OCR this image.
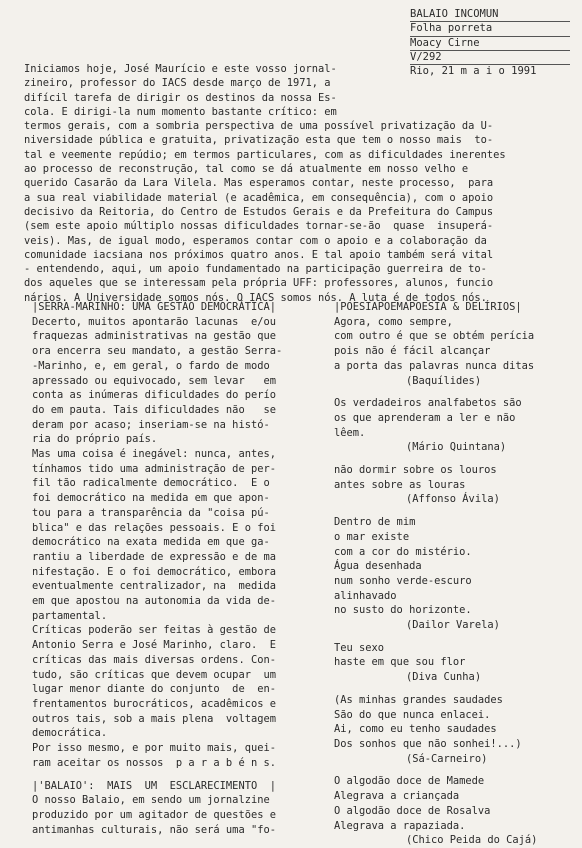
BALAIO INCOMUN
Folha porreta
Moacy Cirne
V/292
Rio, 21 m a i o 1991
Iniciamos hoje, José Maurício e este vosso jornal-
zineiro, professor do IACS desde março de 1971, a
difícil tarefa de dirigir os destinos da nossa Es-
cola. E dirigi-la num momento bastante crítico: em
termos gerais, com a sombria perspectiva de uma possível privatização da U-
niversidade pública e gratuita, privatização esta que tem o nosso mais  to-
tal e veemente repúdio; em termos particulares, com as dificuldades inerentes
ao processo de reconstrução, tal como se dá atualmente em nosso velho e
querido Casarão da Lara Vilela. Mas esperamos contar, neste processo,  para
a sua real viabilidade material (e acadêmica, em consequência), com o apoio
decisivo da Reitoria, do Centro de Estudos Gerais e da Prefeitura do Campus
(sem este apoio múltiplo nossas dificuldades tornar-se-ão  quase  insuperá-
veis). Mas, de igual modo, esperamos contar com o apoio e a colaboração da
comunidade iacsiana nos próximos quatro anos. E tal apoio também será vital
- entendendo, aqui, um apoio fundamentado na participação guerreira de to-
dos aqueles que se interessam pela própria UFF: professores, alunos, funcio
nários. A Universidade somos nós. O IACS somos nós. A luta é de todos nós.
|SERRA-MARINHO: UMA GESTÃO DEMOCRÁTICA|
Decerto, muitos apontarão lacunas  e/ou
fraquezas administrativas na gestão que
ora encerra seu mandato, a gestão Serra-
-Marinho, e, em geral, o fardo de modo
apressado ou equivocado, sem levar   em
conta as inúmeras dificuldades do perío
do em pauta. Tais dificuldades não   se
deram por acaso; inseriam-se na histó-
ria do próprio país.
Mas uma coisa é inegável: nunca, antes,
tínhamos tido uma administração de per-
fil tão radicalmente democrático.  E o
foi democrático na medida em que apon-
tou para a transparência da "coisa pú-
blica" e das relações pessoais. E o foi
democrático na exata medida em que ga-
rantiu a liberdade de expressão e de ma
nifestação. E o foi democrático, embora
eventualmente centralizador, na  medida
em que apostou na autonomia da vida de-
partamental.
Críticas poderão ser feitas à gestão de
Antonio Serra e José Marinho, claro.  E
críticas das mais diversas ordens. Con-
tudo, são críticas que devem ocupar  um
lugar menor diante do conjunto  de  en-
frentamentos burocráticos, acadêmicos e
outros tais, sob a mais plena  voltagem
democrática.
Por isso mesmo, e por muito mais, quei-
ram aceitar os nossos  p a r a b é n s.
|'BALAIO':  MAIS  UM  ESCLARECIMENTO  |
O nosso Balaio, em sendo um jornalzine
produzido por um agitador de questões e
antimanhas culturais, não será uma "fo-
|POESIAPOEMAPOESIA & DELÍRIOS|
Agora, como sempre,
com outro é que se obtém perícia
pois não é fácil alcançar
a porta das palavras nunca ditas
(Baquílides)
Os verdadeiros analfabetos são
os que aprenderam a ler e não
lêem.
(Mário Quintana)
não dormir sobre os louros
antes sobre as louras
(Affonso Ávila)
Dentro de mim
o mar existe
com a cor do mistério.
Água desenhada
num sonho verde-escuro
alinhavado
no susto do horizonte.
(Dailor Varela)
Teu sexo
haste em que sou flor
(Diva Cunha)
(As minhas grandes saudades
São do que nunca enlacei.
Ai, como eu tenho saudades
Dos sonhos que não sonhei!...)
(Sá-Carneiro)
O algodão doce de Mamede
Alegrava a criançada
O algodão doce de Rosalva
Alegrava a rapaziada.
(Chico Peida do Cajá)
